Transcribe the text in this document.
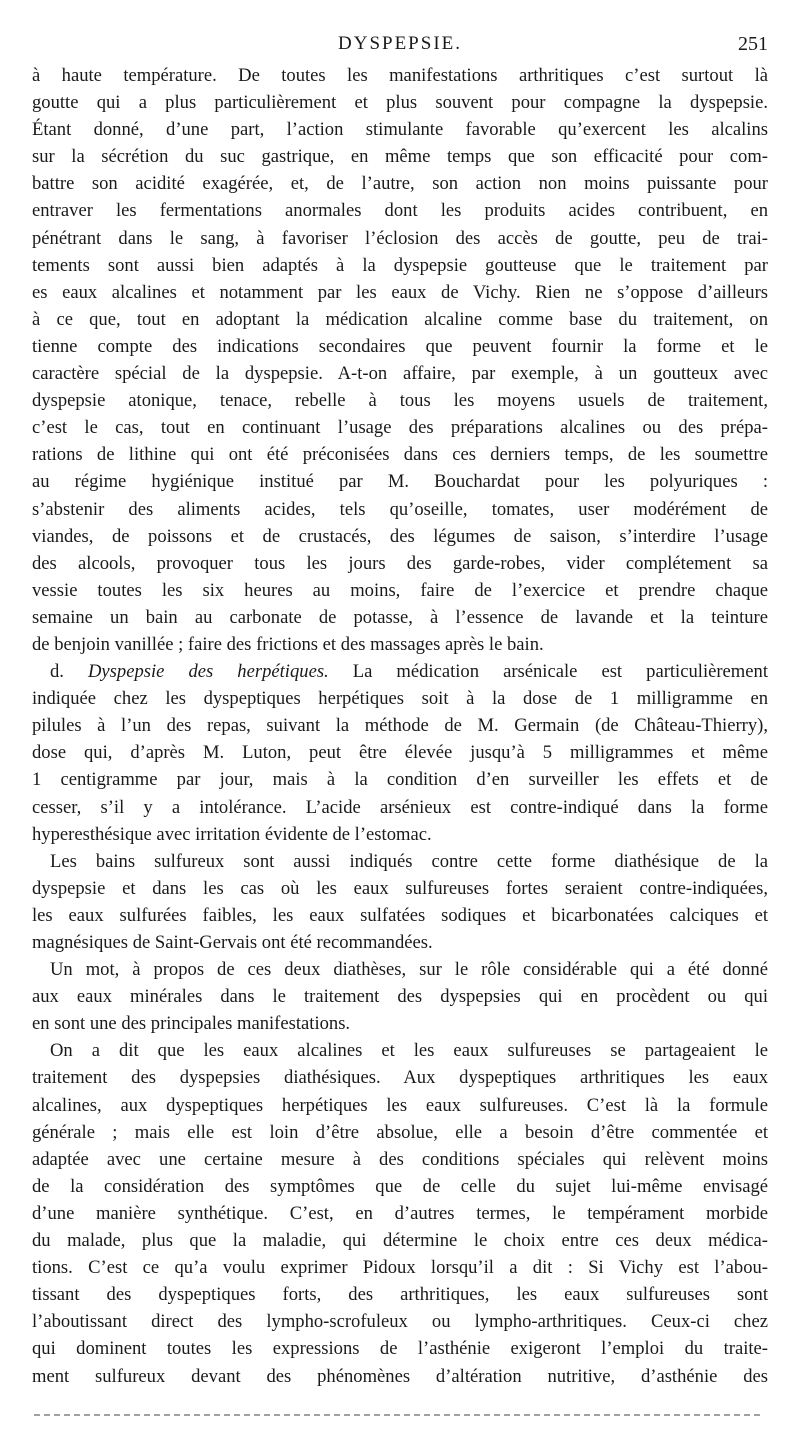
DYSPEPSIE.	251
à haute température. De toutes les manifestations arthritiques c’est surtout là
goutte qui a plus particulièrement et plus souvent pour compagne la dyspepsie.
Étant donné, d’une part, l’action stimulante favorable qu’exercent les alcalins
sur la sécrétion du suc gastrique, en même temps que son efficacité pour com-
battre son acidité exagérée, et, de l’autre, son action non moins puissante pour
entraver les fermentations anormales dont les produits acides contribuent, en
pénétrant dans le sang, à favoriser l’éclosion des accès de goutte, peu de trai-
tements sont aussi bien adaptés à la dyspepsie goutteuse que le traitement par
es eaux alcalines et notamment par les eaux de Vichy. Rien ne s’oppose d’ailleurs
à ce que, tout en adoptant la médication alcaline comme base du traitement, on
tienne compte des indications secondaires que peuvent fournir la forme et le
caractère spécial de la dyspepsie. A-t-on affaire, par exemple, à un goutteux avec
dyspepsie atonique, tenace, rebelle à tous les moyens usuels de traitement,
c’est le cas, tout en continuant l’usage des préparations alcalines ou des prépa-
rations de lithine qui ont été préconisées dans ces derniers temps, de les soumettre
au régime hygiénique institué par M. Bouchardat pour les polyuriques :
s’abstenir des aliments acides, tels qu’oseille, tomates, user modérément de
viandes, de poissons et de crustacés, des légumes de saison, s’interdire l’usage
des alcools, provoquer tous les jours des garde-robes, vider complétement sa
vessie toutes les six heures au moins, faire de l’exercice et prendre chaque
semaine un bain au carbonate de potasse, à l’essence de lavande et la teinture
de benjoin vanillée ; faire des frictions et des massages après le bain.
d. Dyspepsie des herpétiques. La médication arsénicale est particulièrement
indiquée chez les dyspeptiques herpétiques soit à la dose de 1 milligramme en
pilules à l’un des repas, suivant la méthode de M. Germain (de Château-Thierry),
dose qui, d’après M. Luton, peut être élevée jusqu’à 5 milligrammes et même
1 centigramme par jour, mais à la condition d’en surveiller les effets et de
cesser, s’il y a intolérance. L’acide arsénieux est contre-indiqué dans la forme
hyperesthésique avec irritation évidente de l’estomac.
Les bains sulfureux sont aussi indiqués contre cette forme diathésique de la
dyspepsie et dans les cas où les eaux sulfureuses fortes seraient contre-indiquées,
les eaux sulfurées faibles, les eaux sulfatées sodiques et bicarbonatées calciques et
magnésiques de Saint-Gervais ont été recommandées.
Un mot, à propos de ces deux diathèses, sur le rôle considérable qui a été donné
aux eaux minérales dans le traitement des dyspepsies qui en procèdent ou qui
en sont une des principales manifestations.
On a dit que les eaux alcalines et les eaux sulfureuses se partageaient le
traitement des dyspepsies diathésiques. Aux dyspeptiques arthritiques les eaux
alcalines, aux dyspeptiques herpétiques les eaux sulfureuses. C’est là la formule
générale ; mais elle est loin d’être absolue, elle a besoin d’être commentée et
adaptée avec une certaine mesure à des conditions spéciales qui relèvent moins
de la considération des symptômes que de celle du sujet lui-même envisagé
d’une manière synthétique. C’est, en d’autres termes, le tempérament morbide
du malade, plus que la maladie, qui détermine le choix entre ces deux médica-
tions. C’est ce qu’a voulu exprimer Pidoux lorsqu’il a dit : Si Vichy est l’abou-
tissant des dyspeptiques forts, des arthritiques, les eaux sulfureuses sont
l’aboutissant direct des lympho-scrofuleux ou lympho-arthritiques. Ceux-ci chez
qui dominent toutes les expressions de l’asthénie exigeront l’emploi du traite-
ment sulfureux devant des phénomènes d’altération nutritive, d’asthénie des
